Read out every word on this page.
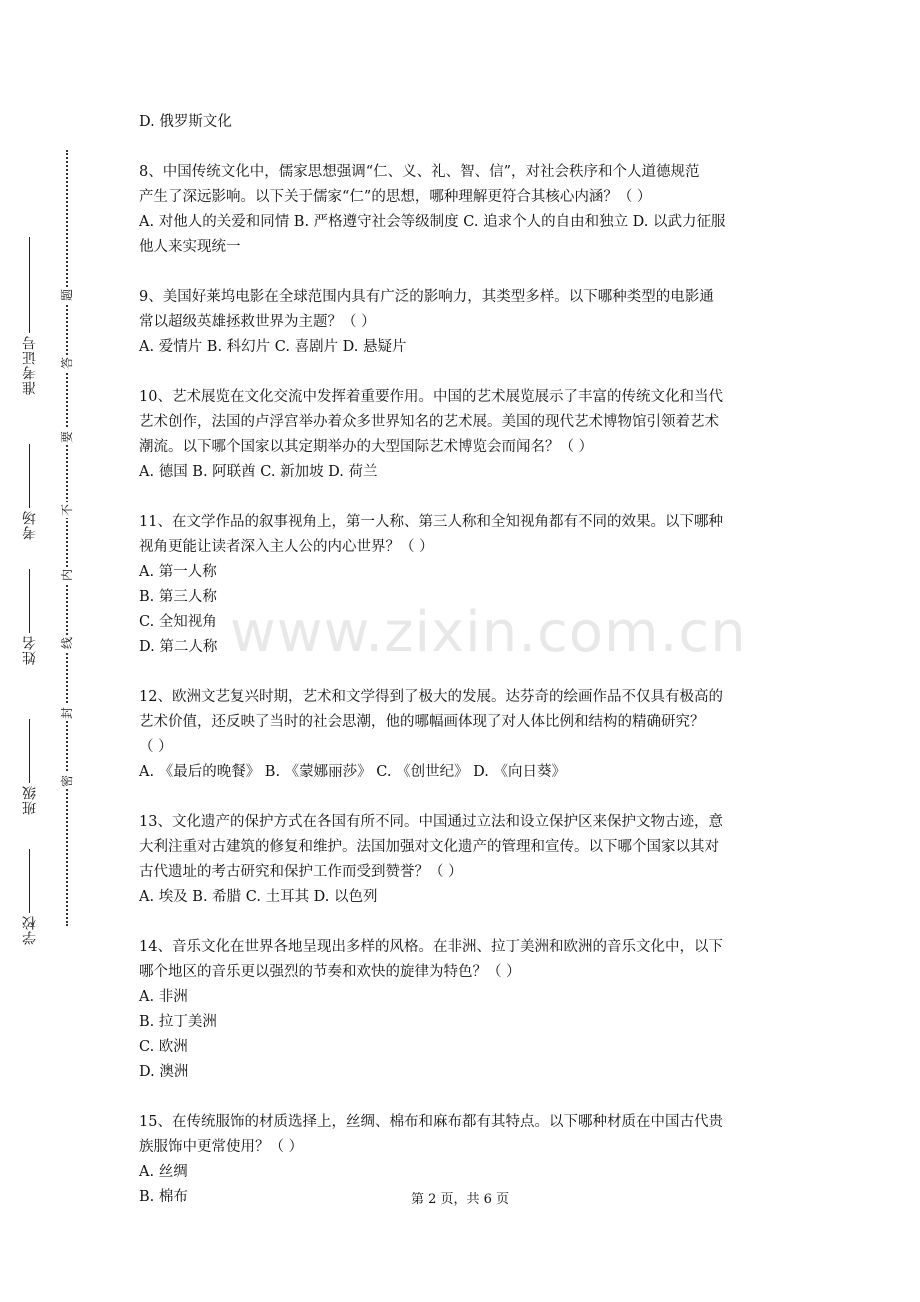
题
答
要
不
内
线
封
密
准考证号
考场
姓名
班级
学校
www.zixin.com.cn

D. 俄罗斯文化

8、中国传统文化中，儒家思想强调“仁、义、礼、智、信”，对社会秩序和个人道德规范
产生了深远影响。以下关于儒家“仁”的思想，哪种理解更符合其核心内涵？（ ）
A. 对他人的关爱和同情 B. 严格遵守社会等级制度 C. 追求个人的自由和独立 D. 以武力征服
他人来实现统一

9、美国好莱坞电影在全球范围内具有广泛的影响力，其类型多样。以下哪种类型的电影通
常以超级英雄拯救世界为主题？（ ）
A. 爱情片 B. 科幻片 C. 喜剧片 D. 悬疑片

10、艺术展览在文化交流中发挥着重要作用。中国的艺术展览展示了丰富的传统文化和当代
艺术创作，法国的卢浮宫举办着众多世界知名的艺术展。美国的现代艺术博物馆引领着艺术
潮流。以下哪个国家以其定期举办的大型国际艺术博览会而闻名？（ ）
A. 德国 B. 阿联酋 C. 新加坡 D. 荷兰

11、在文学作品的叙事视角上，第一人称、第三人称和全知视角都有不同的效果。以下哪种
视角更能让读者深入主人公的内心世界？（ ）
A. 第一人称
B. 第三人称
C. 全知视角
D. 第二人称

12、欧洲文艺复兴时期，艺术和文学得到了极大的发展。达芬奇的绘画作品不仅具有极高的
艺术价值，还反映了当时的社会思潮，他的哪幅画体现了对人体比例和结构的精确研究？
（ ）
A. 《最后的晚餐》 B. 《蒙娜丽莎》 C. 《创世纪》 D. 《向日葵》

13、文化遗产的保护方式在各国有所不同。中国通过立法和设立保护区来保护文物古迹，意
大利注重对古建筑的修复和维护。法国加强对文化遗产的管理和宣传。以下哪个国家以其对
古代遗址的考古研究和保护工作而受到赞誉？（ ）
A. 埃及 B. 希腊 C. 土耳其 D. 以色列

14、音乐文化在世界各地呈现出多样的风格。在非洲、拉丁美洲和欧洲的音乐文化中，以下
哪个地区的音乐更以强烈的节奏和欢快的旋律为特色？（ ）
A. 非洲
B. 拉丁美洲
C. 欧洲
D. 澳洲

15、在传统服饰的材质选择上，丝绸、棉布和麻布都有其特点。以下哪种材质在中国古代贵
族服饰中更常使用？（ ）
A. 丝绸
B. 棉布	第 2 页，共 6 页
